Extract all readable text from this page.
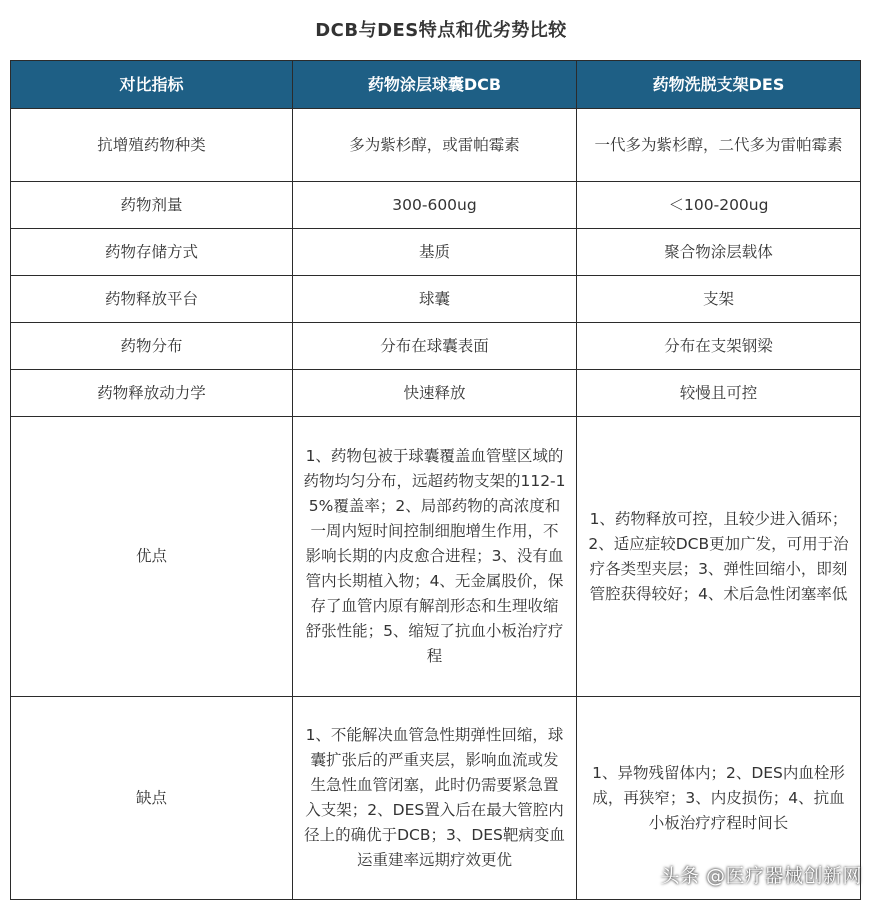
DCB与DES特点和优劣势比较
对比指标	药物涂层球囊DCB	药物洗脱支架DES
抗增殖药物种类	多为紫杉醇，或雷帕霉素	一代多为紫杉醇，二代多为雷帕霉素
药物剂量	300-600ug	＜100-200ug
药物存储方式	基质	聚合物涂层载体
药物释放平台	球囊	支架
药物分布	分布在球囊表面	分布在支架钢梁
药物释放动力学	快速释放	较慢且可控
优点	1、药物包被于球囊覆盖血管壁区域的药物均匀分布，远超药物支架的112-15%覆盖率；2、局部药物的高浓度和一周内短时间控制细胞增生作用，不影响长期的内皮愈合进程；3、没有血管内长期植入物；4、无金属股价，保存了血管内原有解剖形态和生理收缩舒张性能；5、缩短了抗血小板治疗疗程	1、药物释放可控，且较少进入循环；2、适应症较DCB更加广发，可用于治疗各类型夹层；3、弹性回缩小，即刻管腔获得较好；4、术后急性闭塞率低
缺点	1、不能解决血管急性期弹性回缩，球囊扩张后的严重夹层，影响血流或发生急性血管闭塞，此时仍需要紧急置入支架；2、DES置入后在最大管腔内径上的确优于DCB；3、DES靶病变血运重建率远期疗效更优	1、异物残留体内；2、DES内血栓形成，再狭窄；3、内皮损伤；4、抗血小板治疗疗程时间长
头条 @医疗器械创新网
